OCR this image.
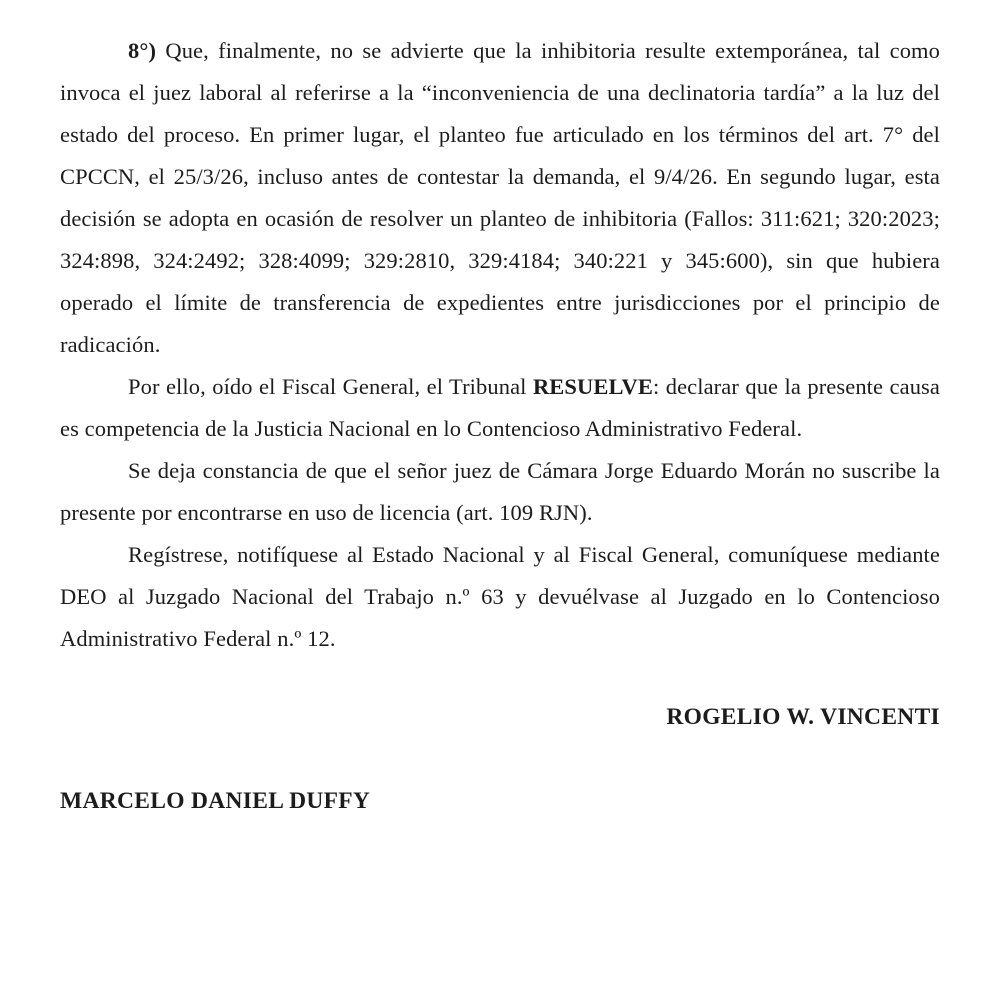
8°) Que, finalmente, no se advierte que la inhibitoria resulte extemporánea, tal como invoca el juez laboral al referirse a la “inconveniencia de una declinatoria tardía” a la luz del estado del proceso. En primer lugar, el planteo fue articulado en los términos del art. 7° del CPCCN, el 25/3/26, incluso antes de contestar la demanda, el 9/4/26. En segundo lugar, esta decisión se adopta en ocasión de resolver un planteo de inhibitoria (Fallos: 311:621; 320:2023; 324:898, 324:2492; 328:4099; 329:2810, 329:4184; 340:221 y 345:600), sin que hubiera operado el límite de transferencia de expedientes entre jurisdicciones por el principio de radicación.

Por ello, oído el Fiscal General, el Tribunal RESUELVE: declarar que la presente causa es competencia de la Justicia Nacional en lo Contencioso Administrativo Federal.

Se deja constancia de que el señor juez de Cámara Jorge Eduardo Morán no suscribe la presente por encontrarse en uso de licencia (art. 109 RJN).

Regístrese, notifíquese al Estado Nacional y al Fiscal General, comuníquese mediante DEO al Juzgado Nacional del Trabajo n.º 63 y devuélvase al Juzgado en lo Contencioso Administrativo Federal n.º 12.

ROGELIO W. VINCENTI
MARCELO DANIEL DUFFY
